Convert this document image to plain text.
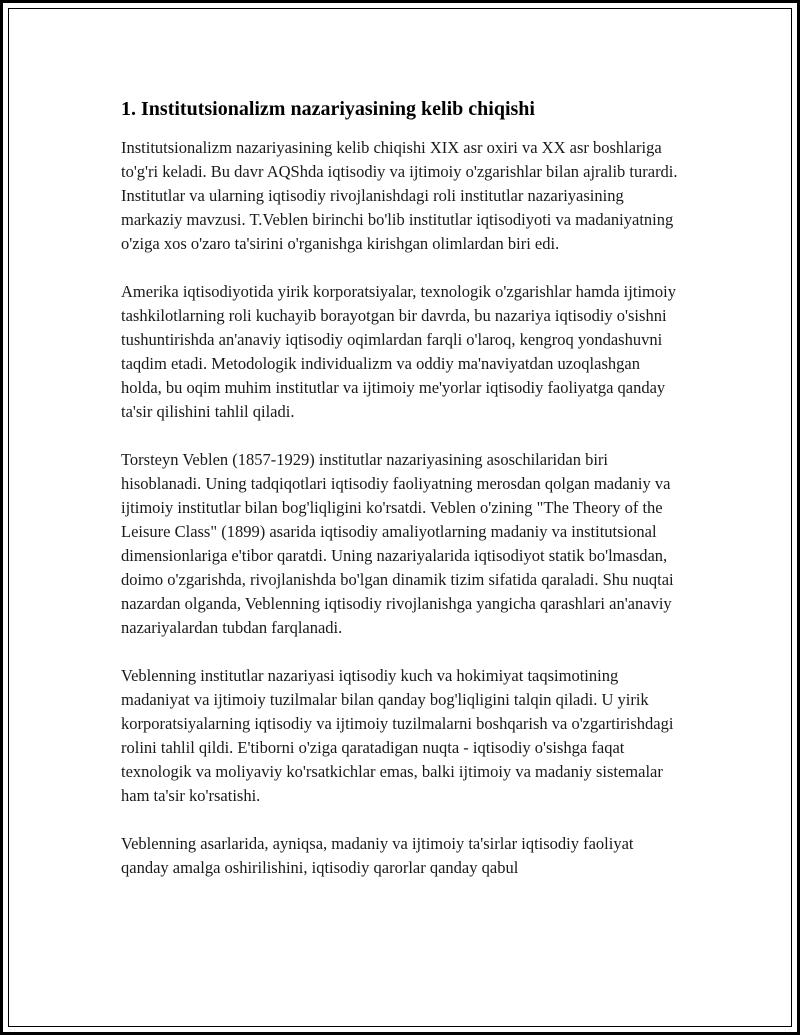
1. Institutsionalizm nazariyasining kelib chiqishi

Institutsionalizm nazariyasining kelib chiqishi XIX asr oxiri va XX asr boshlariga to'g'ri keladi. Bu davr AQShda iqtisodiy va ijtimoiy o'zgarishlar bilan ajralib turardi. Institutlar va ularning iqtisodiy rivojlanishdagi roli institutlar nazariyasining markaziy mavzusi. T.Veblen birinchi bo'lib institutlar iqtisodiyoti va madaniyatning o'ziga xos o'zaro ta'sirini o'rganishga kirishgan olimlardan biri edi.

Amerika iqtisodiyotida yirik korporatsiyalar, texnologik o'zgarishlar hamda ijtimoiy tashkilotlarning roli kuchayib borayotgan bir davrda, bu nazariya iqtisodiy o'sishni tushuntirishda an'anaviy iqtisodiy oqimlardan farqli o'laroq, kengroq yondashuvni taqdim etadi. Metodologik individualizm va oddiy ma'naviyatdan uzoqlashgan holda, bu oqim muhim institutlar va ijtimoiy me'yorlar iqtisodiy faoliyatga qanday ta'sir qilishini tahlil qiladi.

Torsteyn Veblen (1857-1929) institutlar nazariyasining asoschilaridan biri hisoblanadi. Uning tadqiqotlari iqtisodiy faoliyatning merosdan qolgan madaniy va ijtimoiy institutlar bilan bog'liqligini ko'rsatdi. Veblen o'zining "The Theory of the Leisure Class" (1899) asarida iqtisodiy amaliyotlarning madaniy va institutsional dimensionlariga e'tibor qaratdi. Uning nazariyalarida iqtisodiyot statik bo'lmasdan, doimo o'zgarishda, rivojlanishda bo'lgan dinamik tizim sifatida qaraladi. Shu nuqtai nazardan olganda, Veblenning iqtisodiy rivojlanishga yangicha qarashlari an'anaviy nazariyalardan tubdan farqlanadi.

Veblenning institutlar nazariyasi iqtisodiy kuch va hokimiyat taqsimotining madaniyat va ijtimoiy tuzilmalar bilan qanday bog'liqligini talqin qiladi. U yirik korporatsiyalarning iqtisodiy va ijtimoiy tuzilmalarni boshqarish va o'zgartirishdagi rolini tahlil qildi. E'tiborni o'ziga qaratadigan nuqta - iqtisodiy o'sishga faqat texnologik va moliyaviy ko'rsatkichlar emas, balki ijtimoiy va madaniy sistemalar ham ta'sir ko'rsatishi.

Veblenning asarlarida, ayniqsa, madaniy va ijtimoiy ta'sirlar iqtisodiy faoliyat qanday amalga oshirilishini, iqtisodiy qarorlar qanday qabul
